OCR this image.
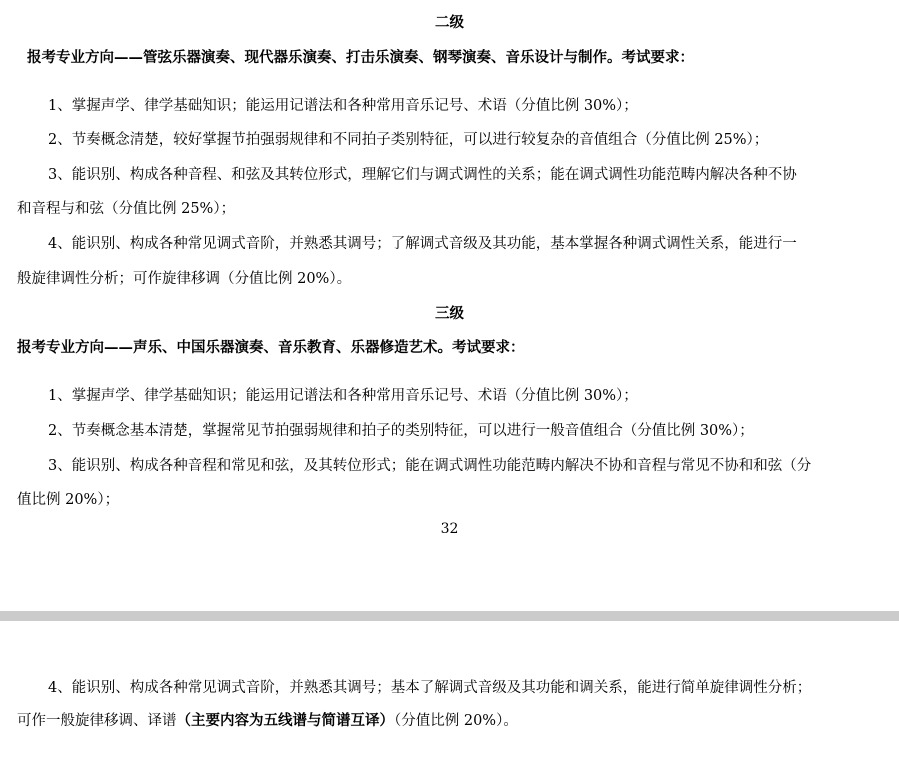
二级
报考专业方向——管弦乐器演奏、现代器乐演奏、打击乐演奏、钢琴演奏、音乐设计与制作。考试要求：
1、掌握声学、律学基础知识；能运用记谱法和各种常用音乐记号、术语（分值比例 30%）；
2、节奏概念清楚，较好掌握节拍强弱规律和不同拍子类别特征，可以进行较复杂的音值组合（分值比例 25%）；
3、能识别、构成各种音程、和弦及其转位形式，理解它们与调式调性的关系；能在调式调性功能范畴内解决各种不协
和音程与和弦（分值比例 25%）；
4、能识别、构成各种常见调式音阶，并熟悉其调号；了解调式音级及其功能，基本掌握各种调式调性关系，能进行一
般旋律调性分析；可作旋律移调（分值比例 20%）。
三级
报考专业方向——声乐、中国乐器演奏、音乐教育、乐器修造艺术。考试要求：
1、掌握声学、律学基础知识；能运用记谱法和各种常用音乐记号、术语（分值比例 30%）；
2、节奏概念基本清楚，掌握常见节拍强弱规律和拍子的类别特征，可以进行一般音值组合（分值比例 30%）；
3、能识别、构成各种音程和常见和弦，及其转位形式；能在调式调性功能范畴内解决不协和音程与常见不协和和弦（分
值比例 20%）；
32
4、能识别、构成各种常见调式音阶，并熟悉其调号；基本了解调式音级及其功能和调关系，能进行简单旋律调性分析；
可作一般旋律移调、译谱（主要内容为五线谱与简谱互译）（分值比例 20%）。
